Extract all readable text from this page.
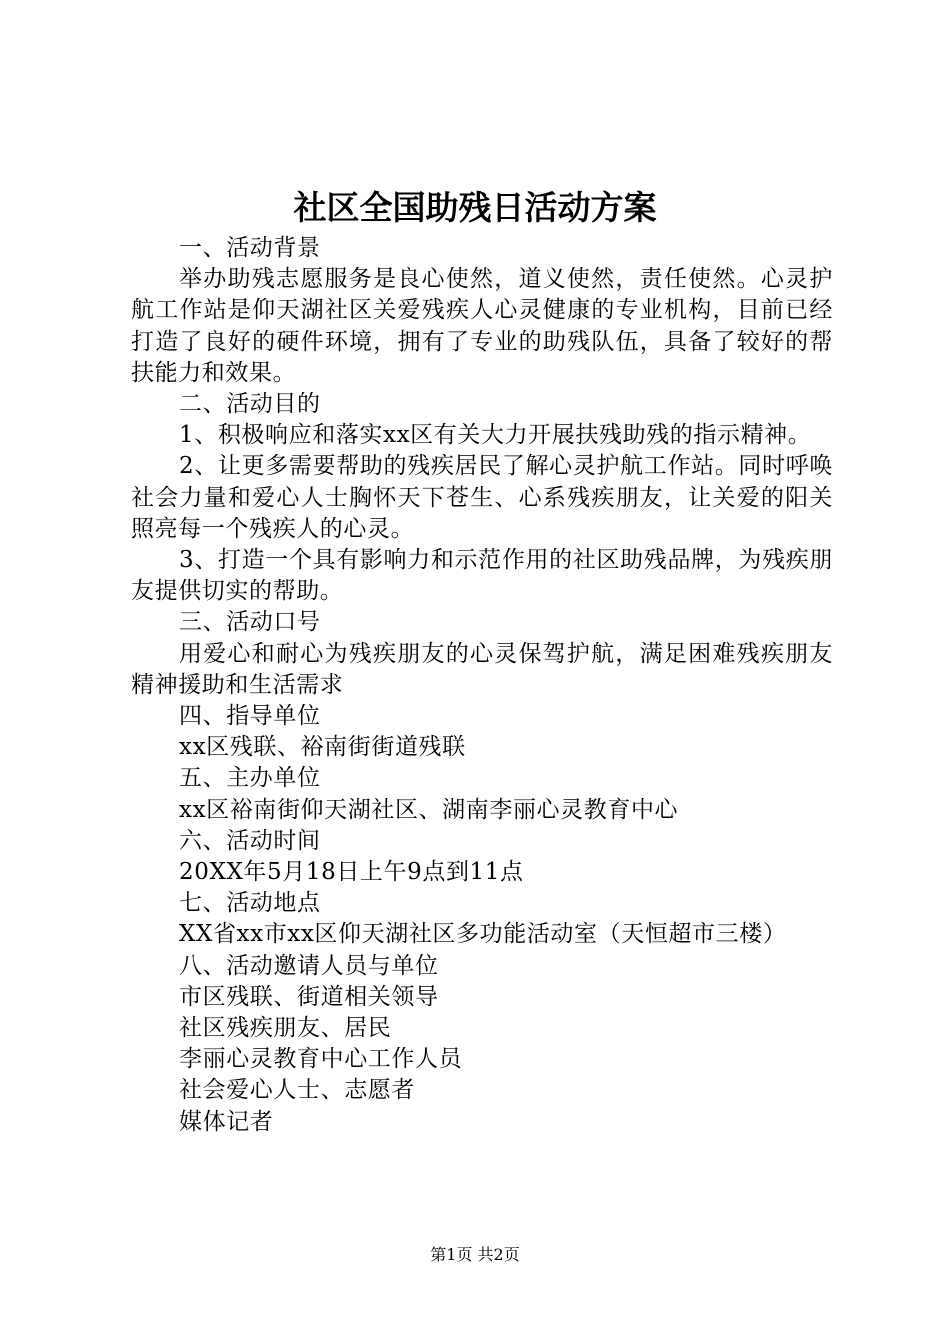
社区全国助残日活动方案

一、活动背景

举办助残志愿服务是良心使然，道义使然，责任使然。心灵护航工作站是仰天湖社区关爱残疾人心灵健康的专业机构，目前已经打造了良好的硬件环境，拥有了专业的助残队伍，具备了较好的帮扶能力和效果。

二、活动目的

1、积极响应和落实xx区有关大力开展扶残助残的指示精神。

2、让更多需要帮助的残疾居民了解心灵护航工作站。同时呼唤社会力量和爱心人士胸怀天下苍生、心系残疾朋友，让关爱的阳关照亮每一个残疾人的心灵。

3、打造一个具有影响力和示范作用的社区助残品牌，为残疾朋友提供切实的帮助。

三、活动口号

用爱心和耐心为残疾朋友的心灵保驾护航，满足困难残疾朋友精神援助和生活需求

四、指导单位

xx区残联、裕南街街道残联

五、主办单位

xx区裕南街仰天湖社区、湖南李丽心灵教育中心

六、活动时间

20XX年5月18日上午9点到11点

七、活动地点

XX省xx市xx区仰天湖社区多功能活动室（天恒超市三楼）

八、活动邀请人员与单位

市区残联、街道相关领导

社区残疾朋友、居民

李丽心灵教育中心工作人员

社会爱心人士、志愿者

媒体记者

第1页 共2页
